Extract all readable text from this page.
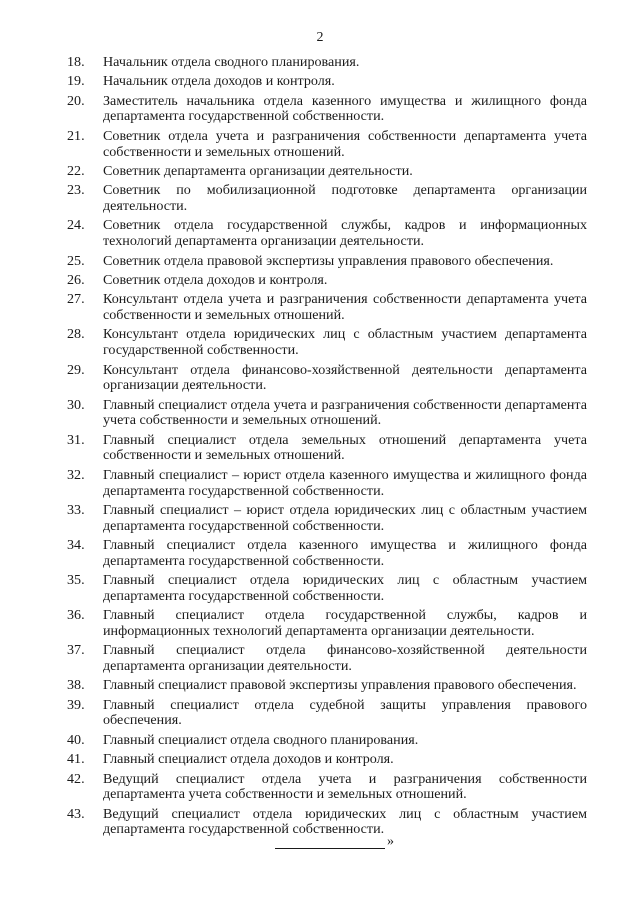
2
18.	Начальник отдела сводного планирования.
19.	Начальник отдела доходов и контроля.
20.	Заместитель начальника отдела казенного имущества и жилищного фонда департамента государственной собственности.
21.	Советник отдела учета и разграничения собственности департамента учета собственности и земельных отношений.
22.	Советник департамента организации деятельности.
23.	Советник по мобилизационной подготовке департамента организации деятельности.
24.	Советник отдела государственной службы, кадров и информационных технологий департамента организации деятельности.
25.	Советник отдела правовой экспертизы управления правового обеспечения.
26.	Советник отдела доходов и контроля.
27.	Консультант отдела учета и разграничения собственности департамента учета собственности и земельных отношений.
28.	Консультант отдела юридических лиц с областным участием департамента государственной собственности.
29.	Консультант отдела финансово-хозяйственной деятельности департамента организации деятельности.
30.	Главный специалист отдела учета и разграничения собственности департамента учета собственности и земельных отношений.
31.	Главный специалист отдела земельных отношений департамента учета собственности и земельных отношений.
32.	Главный специалист – юрист отдела казенного имущества и жилищного фонда департамента государственной собственности.
33.	Главный специалист – юрист отдела юридических лиц с областным участием департамента государственной собственности.
34.	Главный специалист отдела казенного имущества и жилищного фонда департамента государственной собственности.
35.	Главный специалист отдела юридических лиц с областным участием департамента государственной собственности.
36.	Главный специалист отдела государственной службы, кадров и информационных технологий департамента организации деятельности.
37.	Главный специалист отдела финансово-хозяйственной деятельности департамента организации деятельности.
38.	Главный специалист правовой экспертизы управления правового обеспечения.
39.	Главный специалист отдела судебной защиты управления правового обеспечения.
40.	Главный специалист отдела сводного планирования.
41.	Главный специалист отдела доходов и контроля.
42.	Ведущий специалист отдела учета и разграничения собственности департамента учета собственности и земельных отношений.
43.	Ведущий специалист отдела юридических лиц с областным участием департамента государственной собственности.
»
